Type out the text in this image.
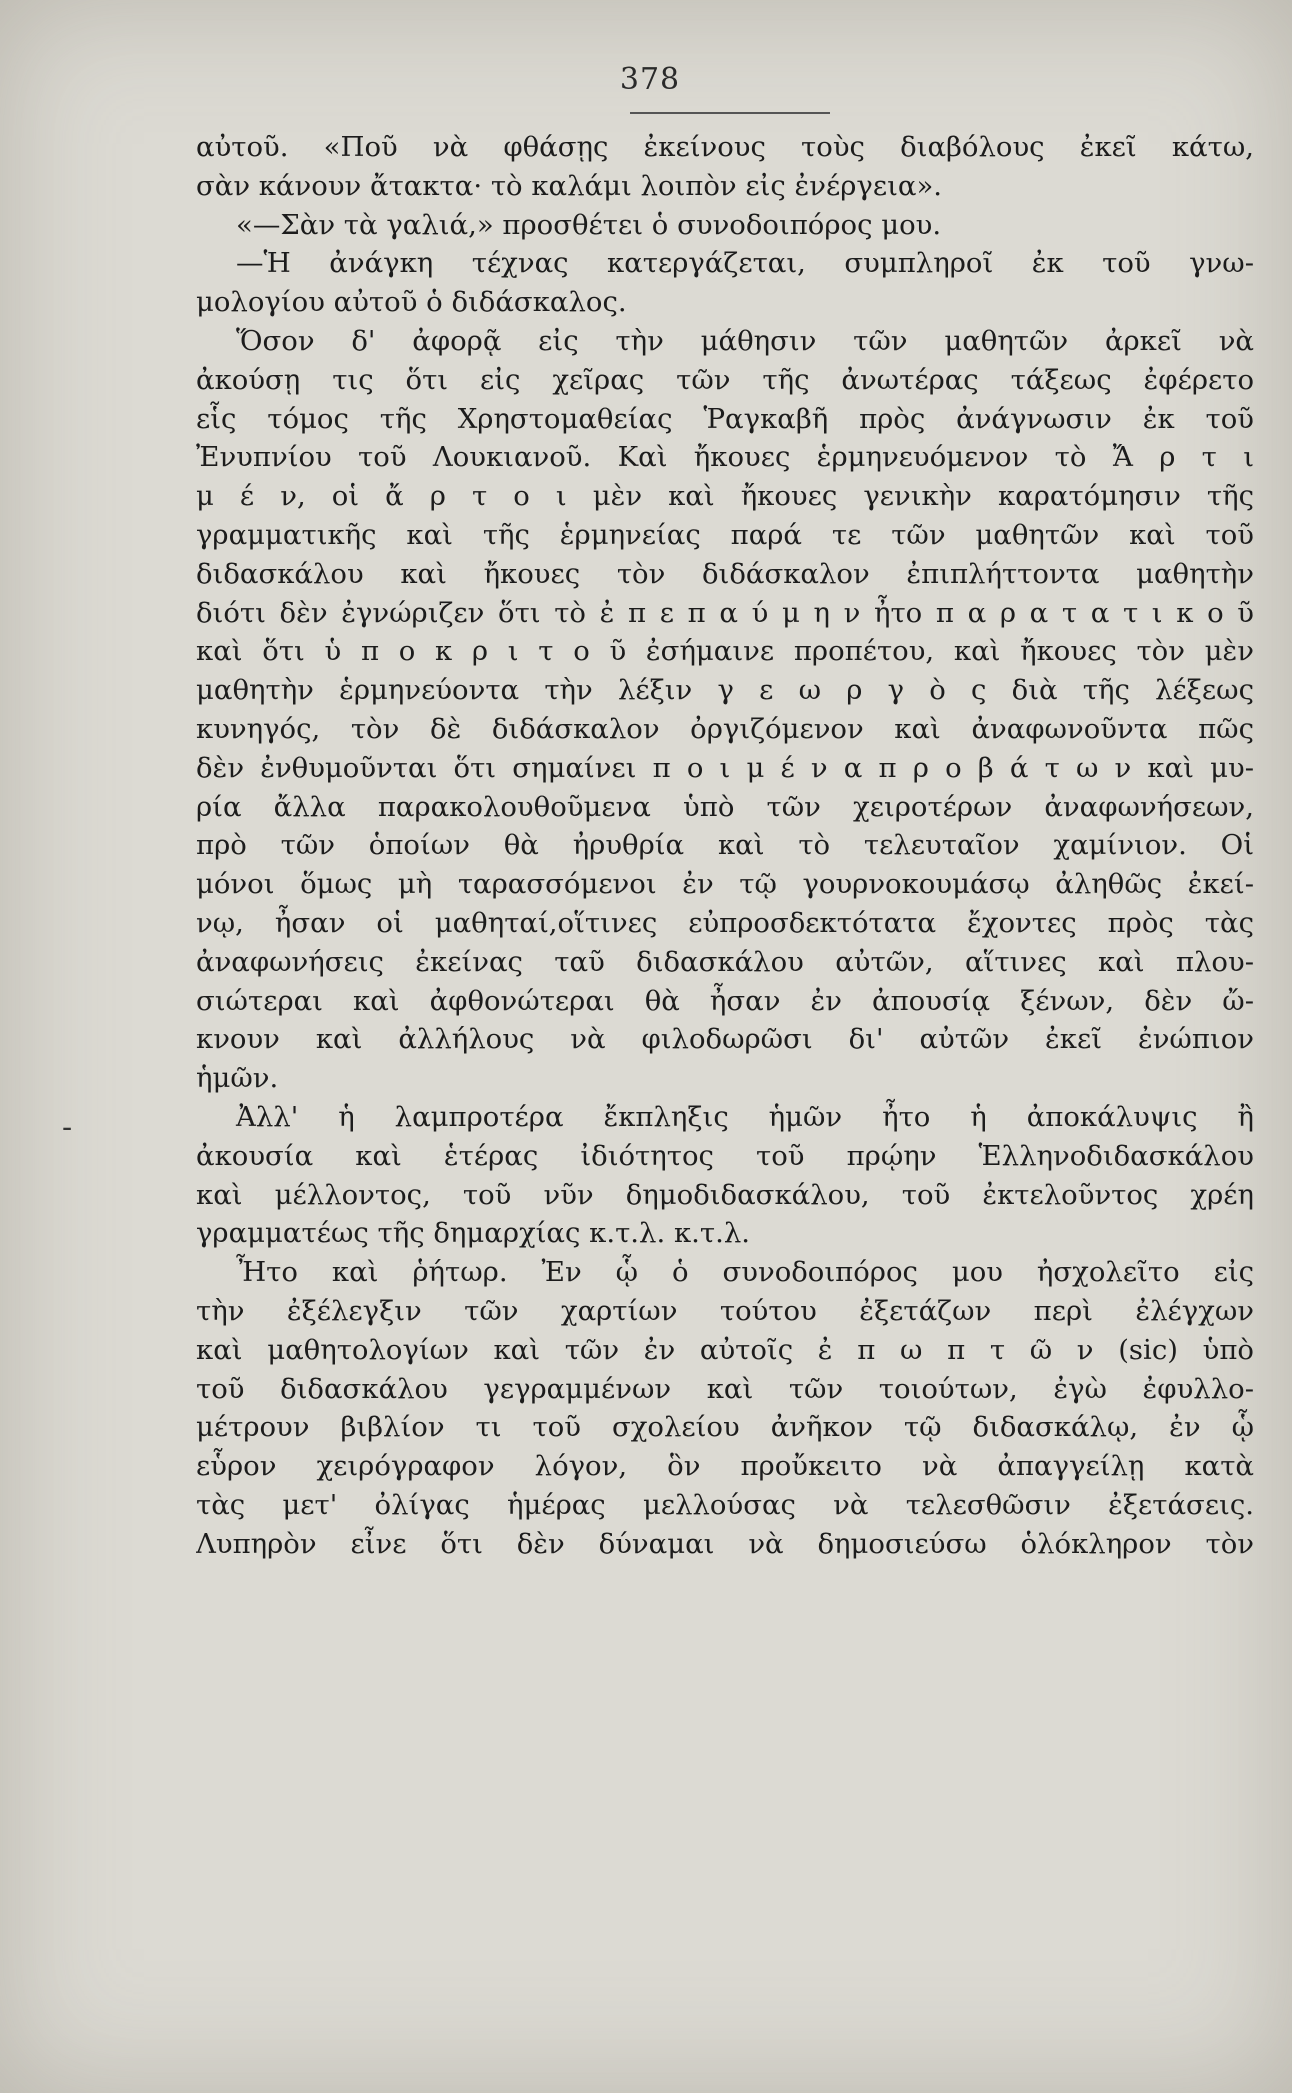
378
-
αὐτοῦ. «Ποῦ νὰ φθάσῃς ἐκείνους τοὺς διαβόλους ἐκεῖ κάτω,
σὰν κάνουν ἄτακτα· τὸ καλάμι λοιπὸν εἰς ἐνέργεια».
«—Σὰν τὰ γαλιά,» προσθέτει ὁ συνοδοιπόρος μου.
—Ἡ ἀνάγκη τέχνας κατεργάζεται, συμπληροῖ ἐκ τοῦ γνω-
μολογίου αὐτοῦ ὁ διδάσκαλος.
Ὅσον δ' ἀφορᾷ εἰς τὴν μάθησιν τῶν μαθητῶν ἀρκεῖ νὰ
ἀκούσῃ τις ὅτι εἰς χεῖρας τῶν τῆς ἀνωτέρας τάξεως ἐφέρετο
εἷς τόμος τῆς Χρηστομαθείας Ῥαγκαβῆ πρὸς ἀνάγνωσιν ἐκ τοῦ
Ἐνυπνίου τοῦ Λουκιανοῦ. Καὶ ἤκουες ἑρμηνευόμενον τὸ Ἄ ρ τ ι
μ έ ν, οἱ ἄ ρ τ ο ι μὲν καὶ ἤκουες γενικὴν καρατόμησιν τῆς
γραμματικῆς καὶ τῆς ἑρμηνείας παρά τε τῶν μαθητῶν καὶ τοῦ
διδασκάλου καὶ ἤκουες τὸν διδάσκαλον ἐπιπλήττοντα μαθητὴν
διότι δὲν ἐγνώριζεν ὅτι τὸ ἐ π ε π α ύ μ η ν ἦτο π α ρ α τ α τ ι κ ο ῦ
καὶ ὅτι ὑ π ο κ ρ ι τ ο ῦ ἐσήμαινε προπέτου, καὶ ἤκουες τὸν μὲν
μαθητὴν ἑρμηνεύοντα τὴν λέξιν γ ε ω ρ γ ὸ ς διὰ τῆς λέξεως
κυνηγός, τὸν δὲ διδάσκαλον ὀργιζόμενον καὶ ἀναφωνοῦντα πῶς
δὲν ἐνθυμοῦνται ὅτι σημαίνει π ο ι μ έ ν α π ρ ο β ά τ ω ν καὶ μυ-
ρία ἄλλα παρακολουθοῦμενα ὑπὸ τῶν χειροτέρων ἀναφωνήσεων,
πρὸ τῶν ὁποίων θὰ ἠρυθρία καὶ τὸ τελευταῖον χαμίνιον. Οἱ
μόνοι ὅμως μὴ ταρασσόμενοι ἐν τῷ γουρνοκουμάσῳ ἀληθῶς ἐκεί-
νῳ, ἦσαν οἱ μαθηταί,οἵτινες εὐπροσδεκτότατα ἔχοντες πρὸς τὰς
ἀναφωνήσεις ἐκείνας ταῦ διδασκάλου αὐτῶν, αἵτινες καὶ πλου-
σιώτεραι καὶ ἀφθονώτεραι θὰ ἦσαν ἐν ἀπουσίᾳ ξένων, δὲν ὤ-
κνουν καὶ ἀλλήλους νὰ φιλοδωρῶσι δι' αὐτῶν ἐκεῖ ἐνώπιον
ἡμῶν.
Ἀλλ' ἡ λαμπροτέρα ἔκπληξις ἡμῶν ἦτο ἡ ἀποκάλυψις ἢ
ἀκουσία καὶ ἑτέρας ἰδιότητος τοῦ πρῴην Ἑλληνοδιδασκάλου
καὶ μέλλοντος, τοῦ νῦν δημοδιδασκάλου, τοῦ ἐκτελοῦντος χρέη
γραμματέως τῆς δημαρχίας κ.τ.λ. κ.τ.λ.
Ἦτο καὶ ῥήτωρ. Ἐν ᾧ ὁ συνοδοιπόρος μου ἠσχολεῖτο εἰς
τὴν ἐξέλεγξιν τῶν χαρτίων τούτου ἐξετάζων περὶ ἐλέγχων
καὶ μαθητολογίων καὶ τῶν ἐν αὐτοῖς ἐ π ω π τ ῶ ν (sic) ὑπὸ
τοῦ διδασκάλου γεγραμμένων καὶ τῶν τοιούτων, ἐγὼ ἐφυλλο-
μέτρουν βιβλίον τι τοῦ σχολείου ἀνῆκον τῷ διδασκάλῳ, ἐν ᾧ
εὗρον χειρόγραφον λόγον, ὃν προὔκειτο νὰ ἀπαγγείλῃ κατὰ
τὰς μετ' ὀλίγας ἡμέρας μελλούσας νὰ τελεσθῶσιν ἐξετάσεις.
Λυπηρὸν εἶνε ὅτι δὲν δύναμαι νὰ δημοσιεύσω ὁλόκληρον τὸν
